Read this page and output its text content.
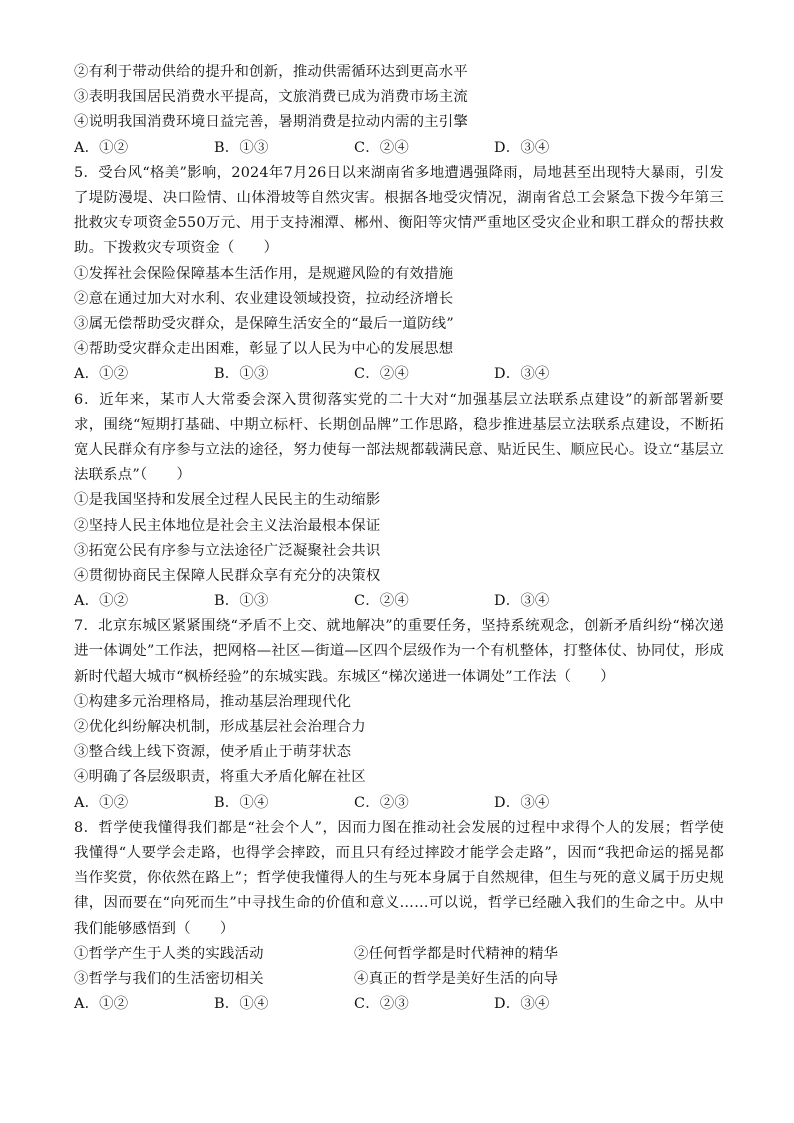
②有利于带动供给的提升和创新，推动供需循环达到更高水平
③表明我国居民消费水平提高，文旅消费已成为消费市场主流
④说明我国消费环境日益完善，暑期消费是拉动内需的主引擎
A．①②	B．①③	C．②④	D．③④
5．受台风“格美”影响，2024年7月26日以来湖南省多地遭遇强降雨，局地甚至出现特大暴雨，引发了堤防漫堤、决口险情、山体滑坡等自然灾害。根据各地受灾情况，湖南省总工会紧急下拨今年第三批救灾专项资金550万元、用于支持湘潭、郴州、衡阳等灾情严重地区受灾企业和职工群众的帮扶救助。下拨救灾专项资金（　　）
①发挥社会保险保障基本生活作用，是规避风险的有效措施
②意在通过加大对水利、农业建设领域投资，拉动经济增长
③属无偿帮助受灾群众，是保障生活安全的“最后一道防线”
④帮助受灾群众走出困难，彰显了以人民为中心的发展思想
A．①②	B．①③	C．②④	D．③④
6．近年来，某市人大常委会深入贯彻落实党的二十大对“加强基层立法联系点建设”的新部署新要求，围绕“短期打基础、中期立标杆、长期创品牌”工作思路，稳步推进基层立法联系点建设，不断拓宽人民群众有序参与立法的途径，努力使每一部法规都载满民意、贴近民生、顺应民心。设立“基层立法联系点”（　　）
①是我国坚持和发展全过程人民民主的生动缩影
②坚持人民主体地位是社会主义法治最根本保证
③拓宽公民有序参与立法途径广泛凝聚社会共识
④贯彻协商民主保障人民群众享有充分的决策权
A．①②	B．①③	C．②④	D．③④
7．北京东城区紧紧围绕“矛盾不上交、就地解决”的重要任务，坚持系统观念，创新矛盾纠纷“梯次递进一体调处”工作法，把网格—社区—街道—区四个层级作为一个有机整体，打整体仗、协同仗，形成新时代超大城市“枫桥经验”的东城实践。东城区“梯次递进一体调处”工作法（　　）
①构建多元治理格局，推动基层治理现代化
②优化纠纷解决机制，形成基层社会治理合力
③整合线上线下资源，使矛盾止于萌芽状态
④明确了各层级职责，将重大矛盾化解在社区
A．①②	B．①④	C．②③	D．③④
8．哲学使我懂得我们都是“社会个人”，因而力图在推动社会发展的过程中求得个人的发展；哲学使我懂得“人要学会走路，也得学会摔跤，而且只有经过摔跤才能学会走路”，因而“我把命运的摇晃都当作奖赏，你依然在路上”；哲学使我懂得人的生与死本身属于自然规律，但生与死的意义属于历史规律，因而要在“向死而生”中寻找生命的价值和意义……可以说，哲学已经融入我们的生命之中。从中我们能够感悟到（　　）
①哲学产生于人类的实践活动	②任何哲学都是时代精神的精华
③哲学与我们的生活密切相关	④真正的哲学是美好生活的向导
A．①②	B．①④	C．②③	D．③④
